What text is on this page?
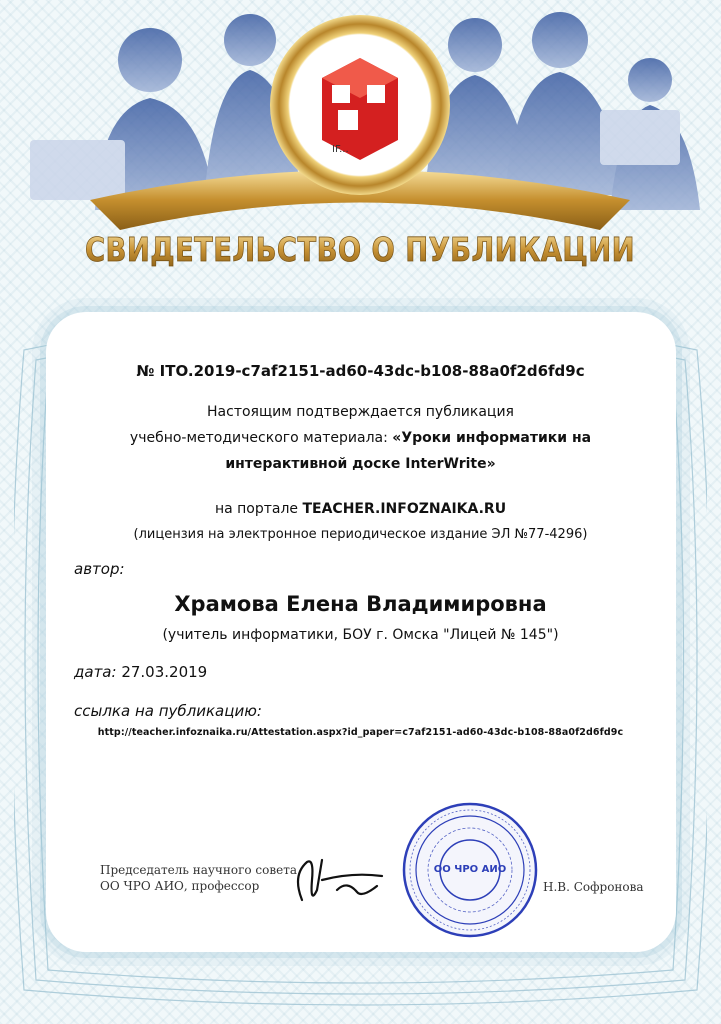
IF...
СВИДЕТЕЛЬСТВО О ПУБЛИКАЦИИ
№ ITO.2019-c7af2151-ad60-43dc-b108-88a0f2d6fd9c
Настоящим подтверждается публикация
учебно-методического материала: «Уроки информатики на
интерактивной доске InterWrite»
на портале TEACHER.INFOZNAIKA.RU
(лицензия на электронное периодическое издание ЭЛ №77-4296)
автор:
Храмова Елена Владимировна
(учитель информатики, БОУ г. Омска "Лицей № 145")
дата: 27.03.2019
ссылка на публикацию:
http://teacher.infoznaika.ru/Attestation.aspx?id_paper=c7af2151-ad60-43dc-b108-88a0f2d6fd9c
Председатель научного совета
ОО ЧРО АИО, профессор
ОО ЧРО АИО
Н.В. Софронова
